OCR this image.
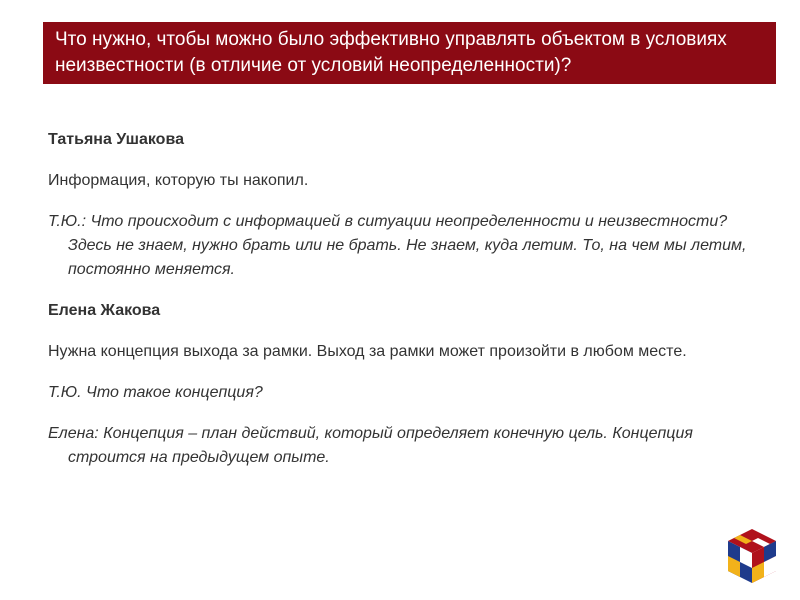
Что нужно, чтобы можно было эффективно управлять объектом в условиях неизвестности (в отличие от условий неопределенности)?

Татьяна Ушакова

Информация, которую ты накопил.

Т.Ю.: Что происходит с информацией в ситуации неопределенности и неизвестности? Здесь не знаем, нужно брать или не брать. Не знаем, куда летим. То, на чем мы летим, постоянно меняется.

Елена Жакова

Нужна концепция выхода за рамки. Выход за рамки может произойти в любом месте.

Т.Ю. Что такое концепция?

Елена: Концепция – план действий, который определяет конечную цель. Концепция строится на предыдущем опыте.
